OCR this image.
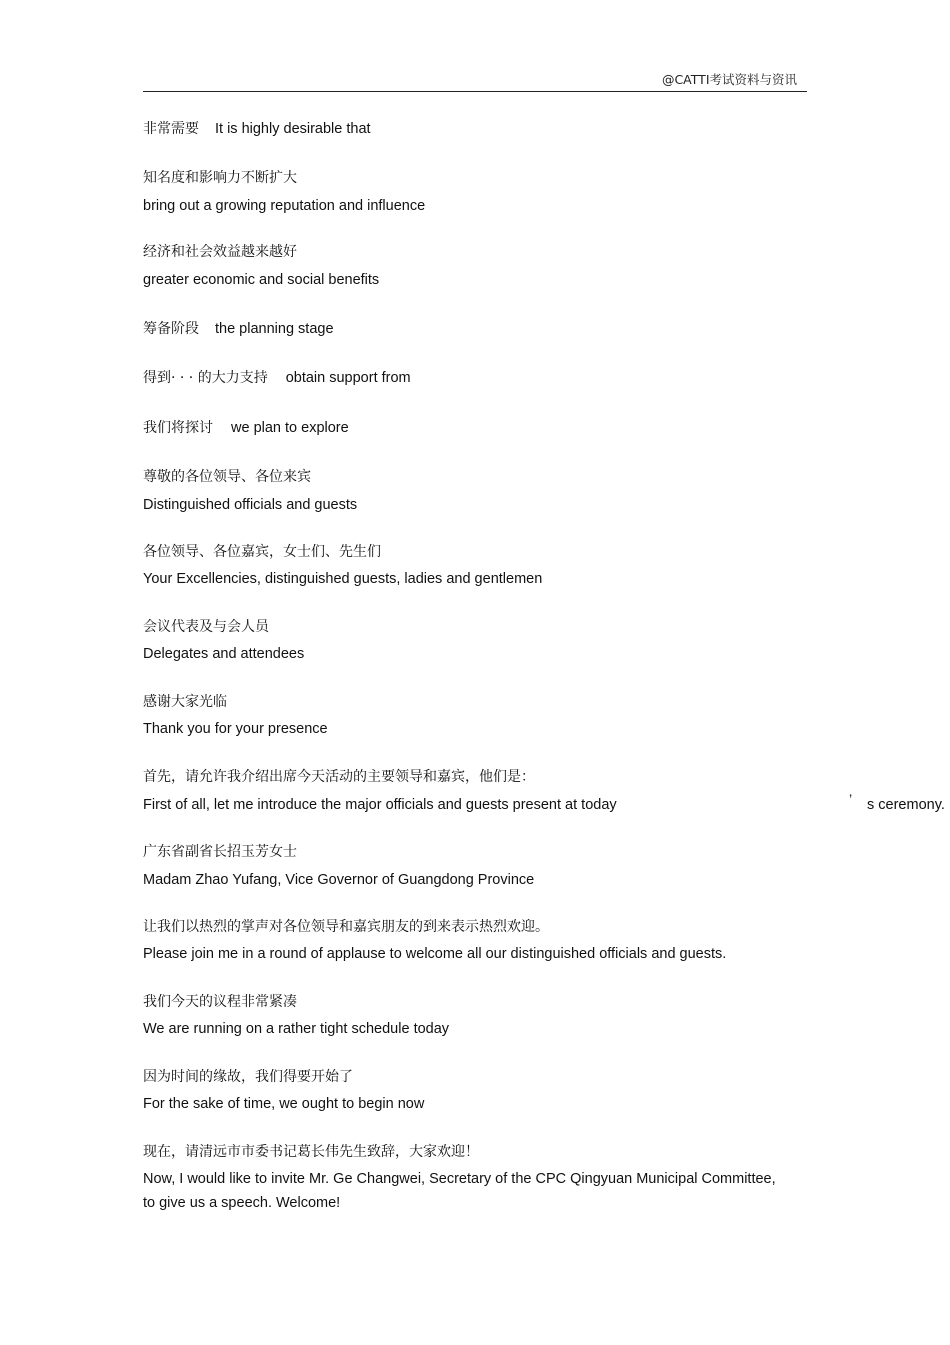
@CATTI考试资料与资讯
非常需要 It is highly desirable that
知名度和影响力不断扩大
bring out a growing reputation and influence
经济和社会效益越来越好
greater economic and social benefits
筹备阶段 the planning stage
得到· · · 的大力支持 obtain support from
我们将探讨 we plan to explore
尊敬的各位领导、各位来宾
Distinguished officials and guests
各位领导、各位嘉宾，女士们、先生们
Your Excellencies, distinguished guests, ladies and gentlemen
会议代表及与会人员
Delegates and attendees
感谢大家光临
Thank you for your presence
首先，请允许我介绍出席今天活动的主要领导和嘉宾，他们是：
First of all, let me introduce the major officials and guests present at today	’ s ceremony.
广东省副省长招玉芳女士
Madam Zhao Yufang, Vice Governor of Guangdong Province
让我们以热烈的掌声对各位领导和嘉宾朋友的到来表示热烈欢迎。
Please join me in a round of applause to welcome all our distinguished officials and guests.
我们今天的议程非常紧凑
We are running on a rather tight schedule today
因为时间的缘故，我们得要开始了
For the sake of time, we ought to begin now
现在，请清远市市委书记葛长伟先生致辞，大家欢迎！
Now, I would like to invite Mr. Ge Changwei, Secretary of the CPC Qingyuan Municipal Committee,
to give us a speech. Welcome!
